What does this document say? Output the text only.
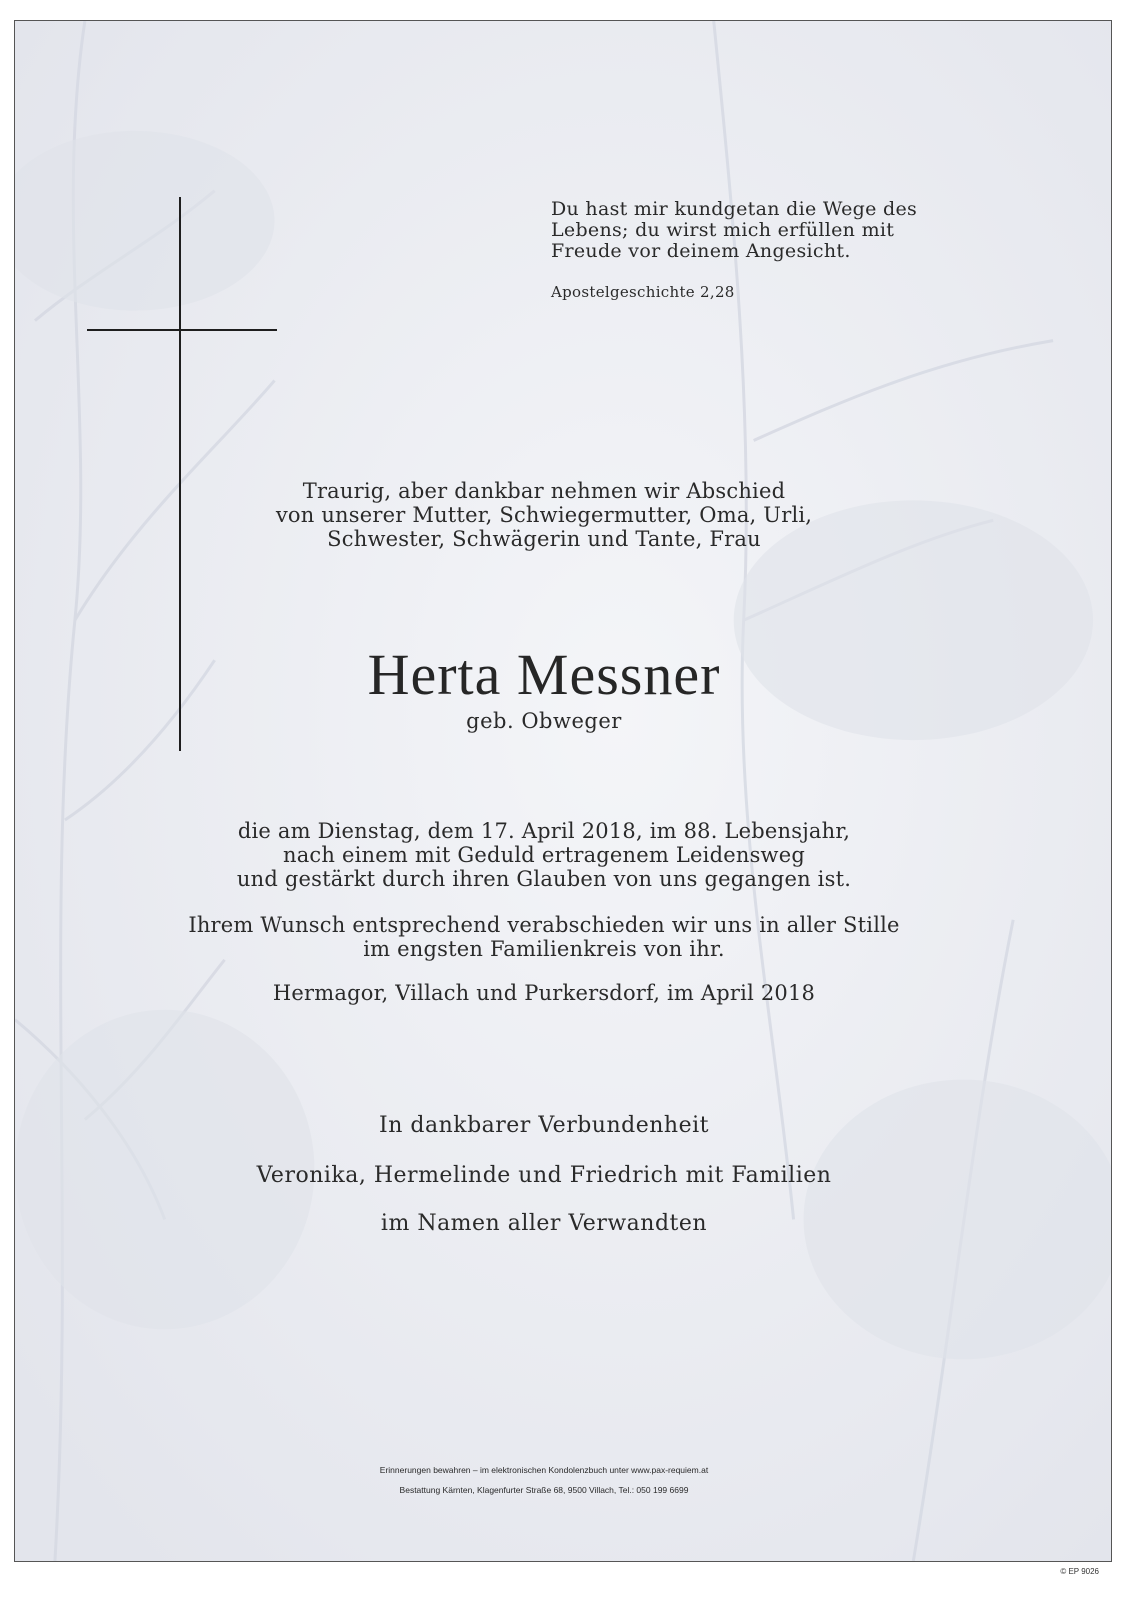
Du hast mir kundgetan die Wege des
Lebens; du wirst mich erfüllen mit
Freude vor deinem Angesicht.
Apostelgeschichte 2,28
Traurig, aber dankbar nehmen wir Abschied
von unserer Mutter, Schwiegermutter, Oma, Urli,
Schwester, Schwägerin und Tante, Frau
Herta Messner
geb. Obweger
die am Dienstag, dem 17. April 2018, im 88. Lebensjahr,
nach einem mit Geduld ertragenem Leidensweg
und gestärkt durch ihren Glauben von uns gegangen ist.
Ihrem Wunsch entsprechend verabschieden wir uns in aller Stille
im engsten Familienkreis von ihr.
Hermagor, Villach und Purkersdorf, im April 2018
In dankbarer Verbundenheit
Veronika, Hermelinde und Friedrich mit Familien
im Namen aller Verwandten
Erinnerungen bewahren – im elektronischen Kondolenzbuch unter www.pax-requiem.at
Bestattung Kärnten, Klagenfurter Straße 68, 9500 Villach, Tel.: 050 199 6699
© EP 9026
